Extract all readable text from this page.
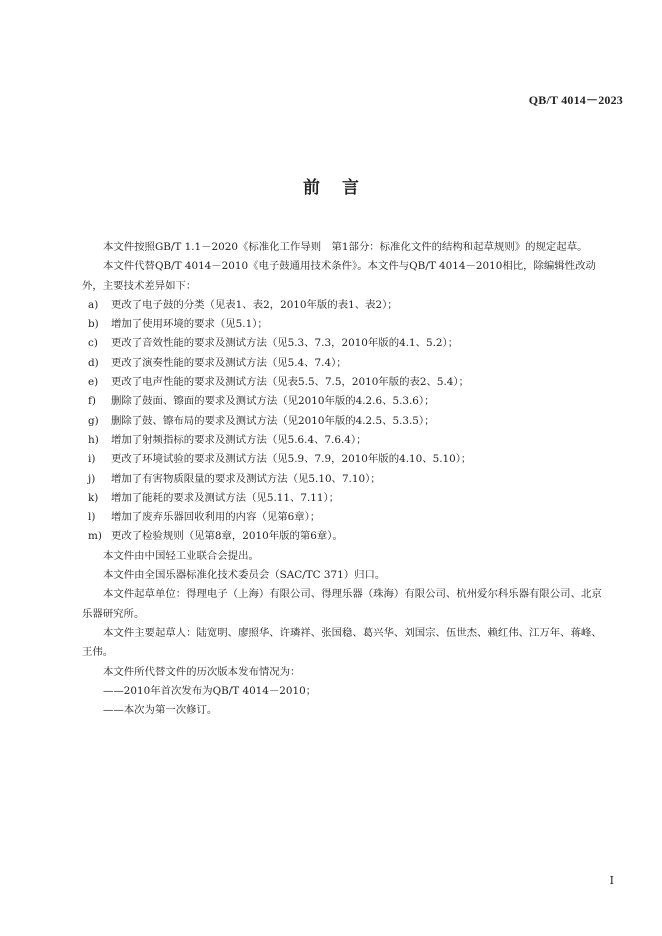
QB/T 4014－2023
前言

本文件按照GB/T 1.1－2020《标准化工作导则　第1部分：标准化文件的结构和起草规则》的规定起草。

本文件代替QB/T 4014－2010《电子鼓通用技术条件》。本文件与QB/T 4014－2010相比，除编辑性改动外，主要技术差异如下：

a)	更改了电子鼓的分类（见表1、表2，2010年版的表1、表2）；
b)	增加了使用环境的要求（见5.1）；
c)	更改了音效性能的要求及测试方法（见5.3、7.3，2010年版的4.1、5.2）；
d)	更改了演奏性能的要求及测试方法（见5.4、7.4）；
e)	更改了电声性能的要求及测试方法（见表5.5、7.5，2010年版的表2、5.4）；
f)	删除了鼓面、镲面的要求及测试方法（见2010年版的4.2.6、5.3.6）；
g)	删除了鼓、镲布局的要求及测试方法（见2010年版的4.2.5、5.3.5）；
h)	增加了射频指标的要求及测试方法（见5.6.4、7.6.4）；
i)	更改了环境试验的要求及测试方法（见5.9、7.9，2010年版的4.10、5.10）；
j)	增加了有害物质限量的要求及测试方法（见5.10、7.10）；
k)	增加了能耗的要求及测试方法（见5.11、7.11）；
l)	增加了废弃乐器回收利用的内容（见第6章）；
m) 更改了检验规则（见第8章，2010年版的第6章）。

本文件由中国轻工业联合会提出。

本文件由全国乐器标准化技术委员会（SAC/TC 371）归口。

本文件起草单位：得理电子（上海）有限公司、得理乐器（珠海）有限公司、杭州爱尔科乐器有限公司、北京乐器研究所。

本文件主要起草人：陆宽明、廖照华、许璘祥、张国稳、葛兴华、刘国宗、伍世杰、赖红伟、江万年、蒋峰、王伟。

本文件所代替文件的历次版本发布情况为：

——2010年首次发布为QB/T 4014－2010；
——本次为第一次修订。
I
